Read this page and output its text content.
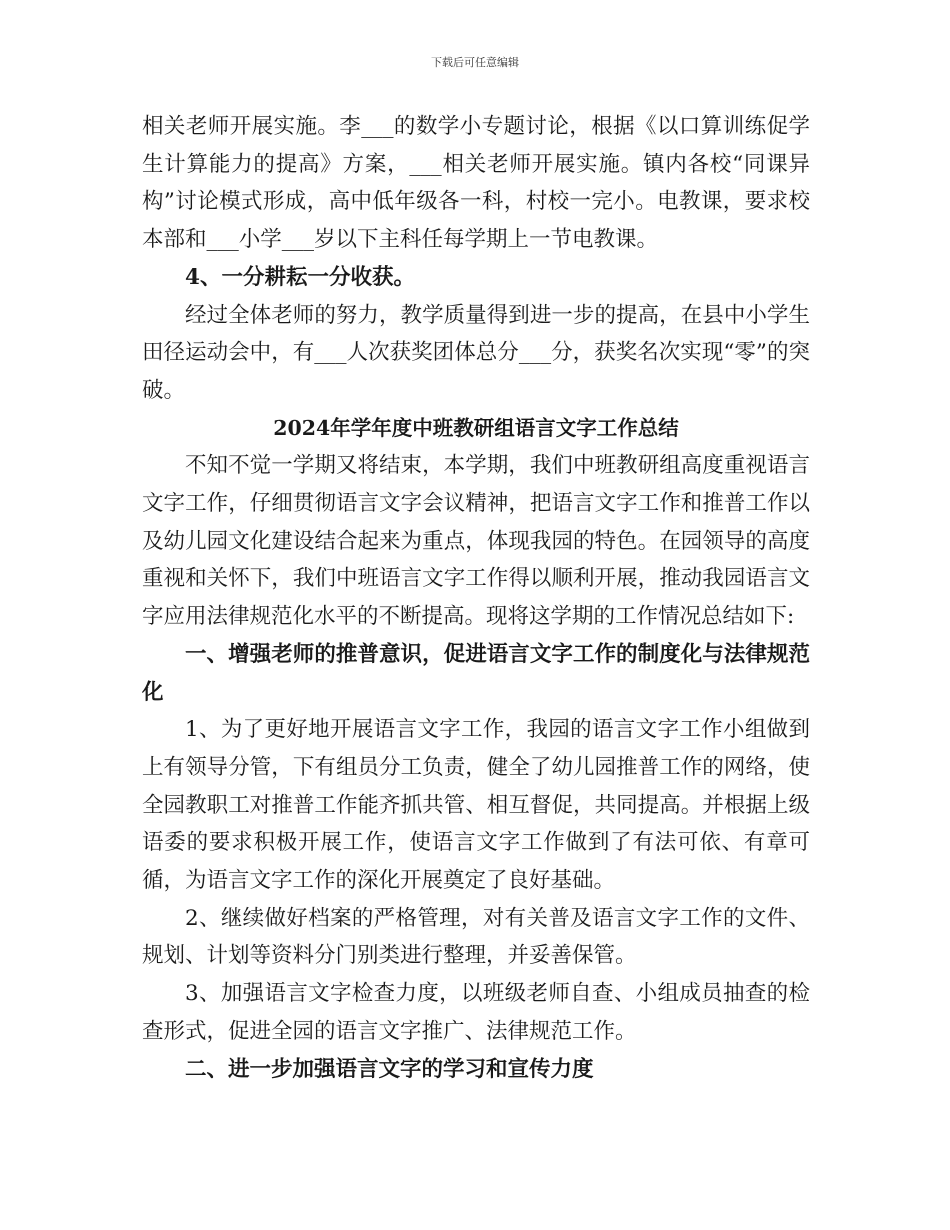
下载后可任意编辑

相关老师开展实施。李___的数学小专题讨论，根据《以口算训练促学生计算能力的提高》方案，___相关老师开展实施。镇内各校“同课异构”讨论模式形成，高中低年级各一科，村校一完小。电教课，要求校本部和___小学___岁以下主科任每学期上一节电教课。

4、一分耕耘一分收获。

经过全体老师的努力，教学质量得到进一步的提高，在县中小学生田径运动会中，有___人次获奖团体总分___分，获奖名次实现“零”的突破。

2024年学年度中班教研组语言文字工作总结

不知不觉一学期又将结束，本学期，我们中班教研组高度重视语言文字工作，仔细贯彻语言文字会议精神，把语言文字工作和推普工作以及幼儿园文化建设结合起来为重点，体现我园的特色。在园领导的高度重视和关怀下，我们中班语言文字工作得以顺利开展，推动我园语言文字应用法律规范化水平的不断提高。现将这学期的工作情况总结如下:

一、增强老师的推普意识，促进语言文字工作的制度化与法律规范化

1、为了更好地开展语言文字工作，我园的语言文字工作小组做到上有领导分管，下有组员分工负责，健全了幼儿园推普工作的网络，使全园教职工对推普工作能齐抓共管、相互督促，共同提高。并根据上级语委的要求积极开展工作，使语言文字工作做到了有法可依、有章可循，为语言文字工作的深化开展奠定了良好基础。

2、继续做好档案的严格管理，对有关普及语言文字工作的文件、规划、计划等资料分门别类进行整理，并妥善保管。

3、加强语言文字检查力度，以班级老师自查、小组成员抽查的检查形式，促进全园的语言文字推广、法律规范工作。

二、进一步加强语言文字的学习和宣传力度
